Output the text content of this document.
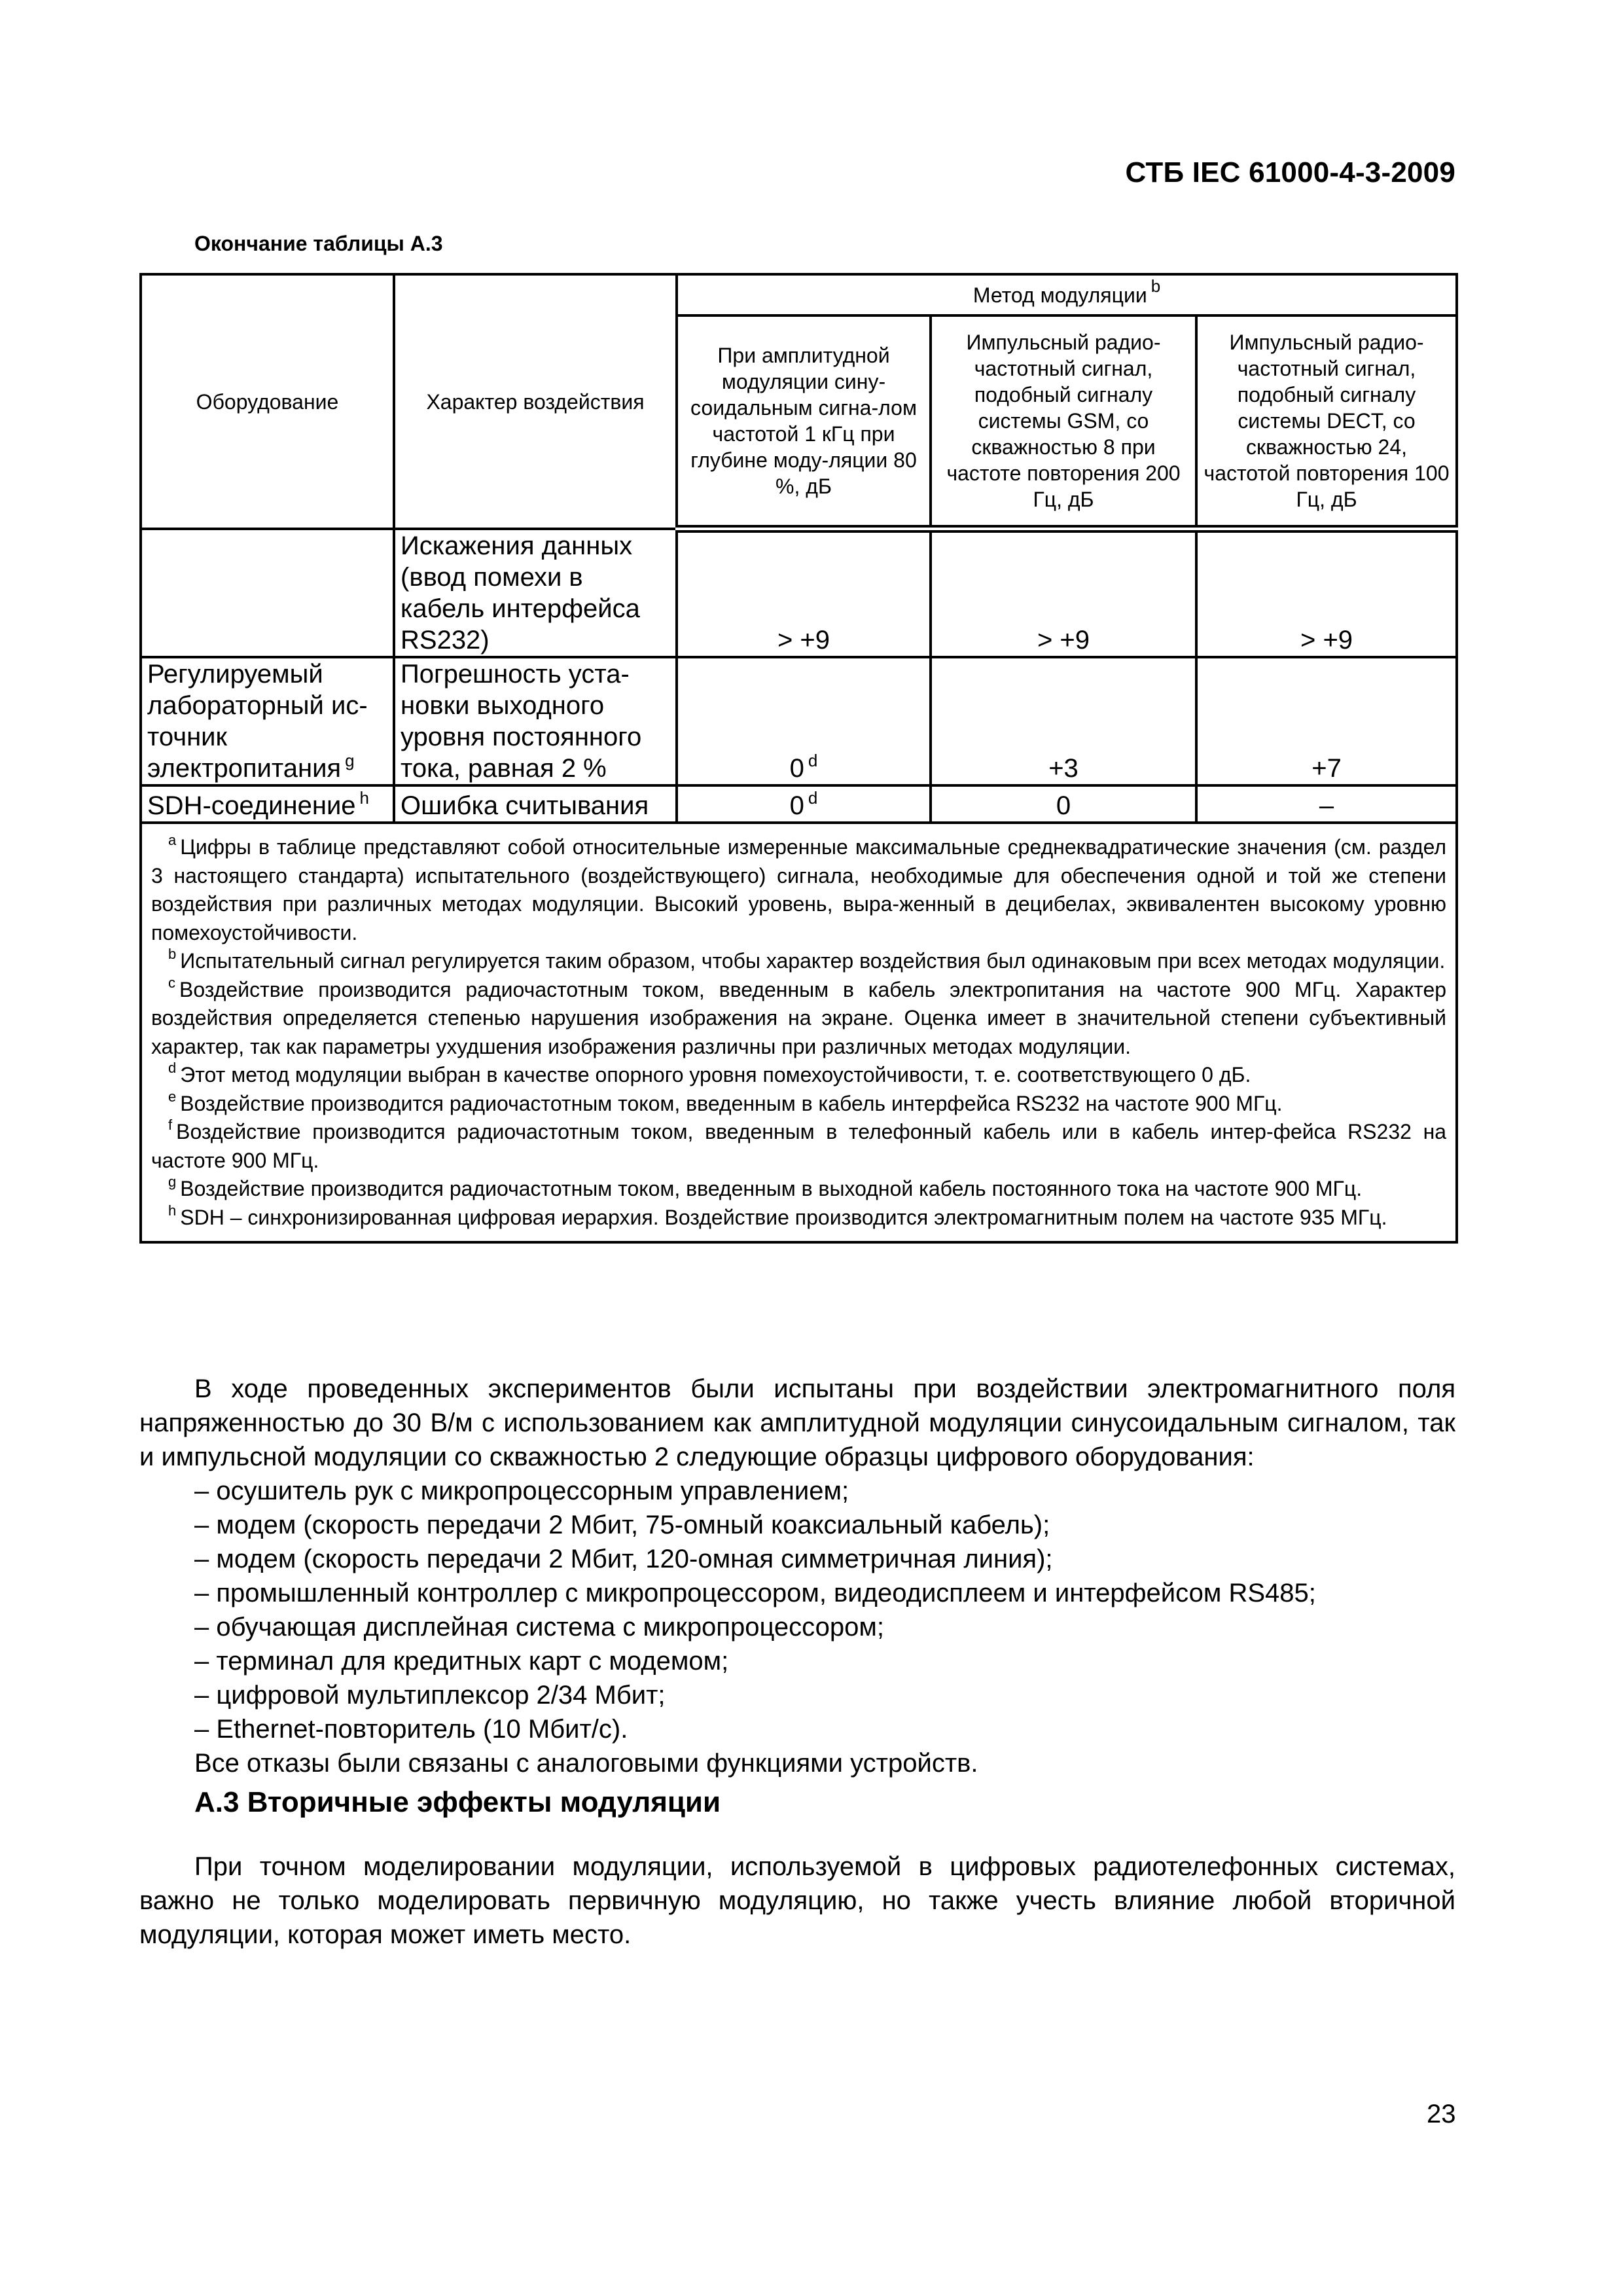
СТБ IEC 61000-4-3-2009
Окончание таблицы А.3
Оборудование	Характер воздействия	Метод модуляции $^b$
		При амплитудной модуляции сину-соидальным сигна-лом частотой 1 кГц при глубине моду-ляции 80 %, дБ	Импульсный радио-частотный сигнал, подобный сигналу системы GSM, со скважностью 8 при частоте повторения 200 Гц, дБ	Импульсный радио-частотный сигнал, подобный сигналу системы DECT, со скважностью 24, частотой повторения 100 Гц, дБ
	Искажения данных (ввод помехи в кабель интерфейса RS232)	> +9	> +9	> +9
Регулируемый лабораторный ис-точник электропитания $^g$	Погрешность уста-новки выходного уровня постоянного тока, равная 2 %	0 $^d$	+3	+7
SDH-соединение $^h$	Ошибка считывания	0 $^d$	0	–

$^a$ Цифры в таблице представляют собой относительные измеренные максимальные среднеквадратические значения (см. раздел 3 настоящего стандарта) испытательного (воздействующего) сигнала, необходимые для обеспечения одной и той же степени воздействия при различных методах модуляции. Высокий уровень, выра-женный в децибелах, эквивалентен высокому уровню помехоустойчивости.
$^b$ Испытательный сигнал регулируется таким образом, чтобы характер воздействия был одинаковым при всех методах модуляции.
$^c$ Воздействие производится радиочастотным током, введенным в кабель электропитания на частоте 900 МГц. Характер воздействия определяется степенью нарушения изображения на экране. Оценка имеет в значительной степени субъективный характер, так как параметры ухудшения изображения различны при различных методах модуляции.
$^d$ Этот метод модуляции выбран в качестве опорного уровня помехоустойчивости, т. е. соответствующего 0 дБ.
$^e$ Воздействие производится радиочастотным током, введенным в кабель интерфейса RS232 на частоте 900 МГц.
$^f$ Воздействие производится радиочастотным током, введенным в телефонный кабель или в кабель интер-фейса RS232 на частоте 900 МГц.
$^g$ Воздействие производится радиочастотным током, введенным в выходной кабель постоянного тока на частоте 900 МГц.
$^h$ SDH – синхронизированная цифровая иерархия. Воздействие производится электромагнитным полем на частоте 935 МГц.
В ходе проведенных экспериментов были испытаны при воздействии электромагнитного поля напряженностью до 30 В/м с использованием как амплитудной модуляции синусоидальным сигналом, так и импульсной модуляции со скважностью 2 следующие образцы цифрового оборудования:
– осушитель рук с микропроцессорным управлением;
– модем (скорость передачи 2 Мбит, 75-омный коаксиальный кабель);
– модем (скорость передачи 2 Мбит, 120-омная симметричная линия);
– промышленный контроллер с микропроцессором, видеодисплеем и интерфейсом RS485;
– обучающая дисплейная система с микропроцессором;
– терминал для кредитных карт с модемом;
– цифровой мультиплексор 2/34 Мбит;
– Ethernet-повторитель (10 Мбит/с).
Все отказы были связаны с аналоговыми функциями устройств.
А.3 Вторичные эффекты модуляции
При точном моделировании модуляции, используемой в цифровых радиотелефонных системах, важно не только моделировать первичную модуляцию, но также учесть влияние любой вторичной модуляции, которая может иметь место.
23
